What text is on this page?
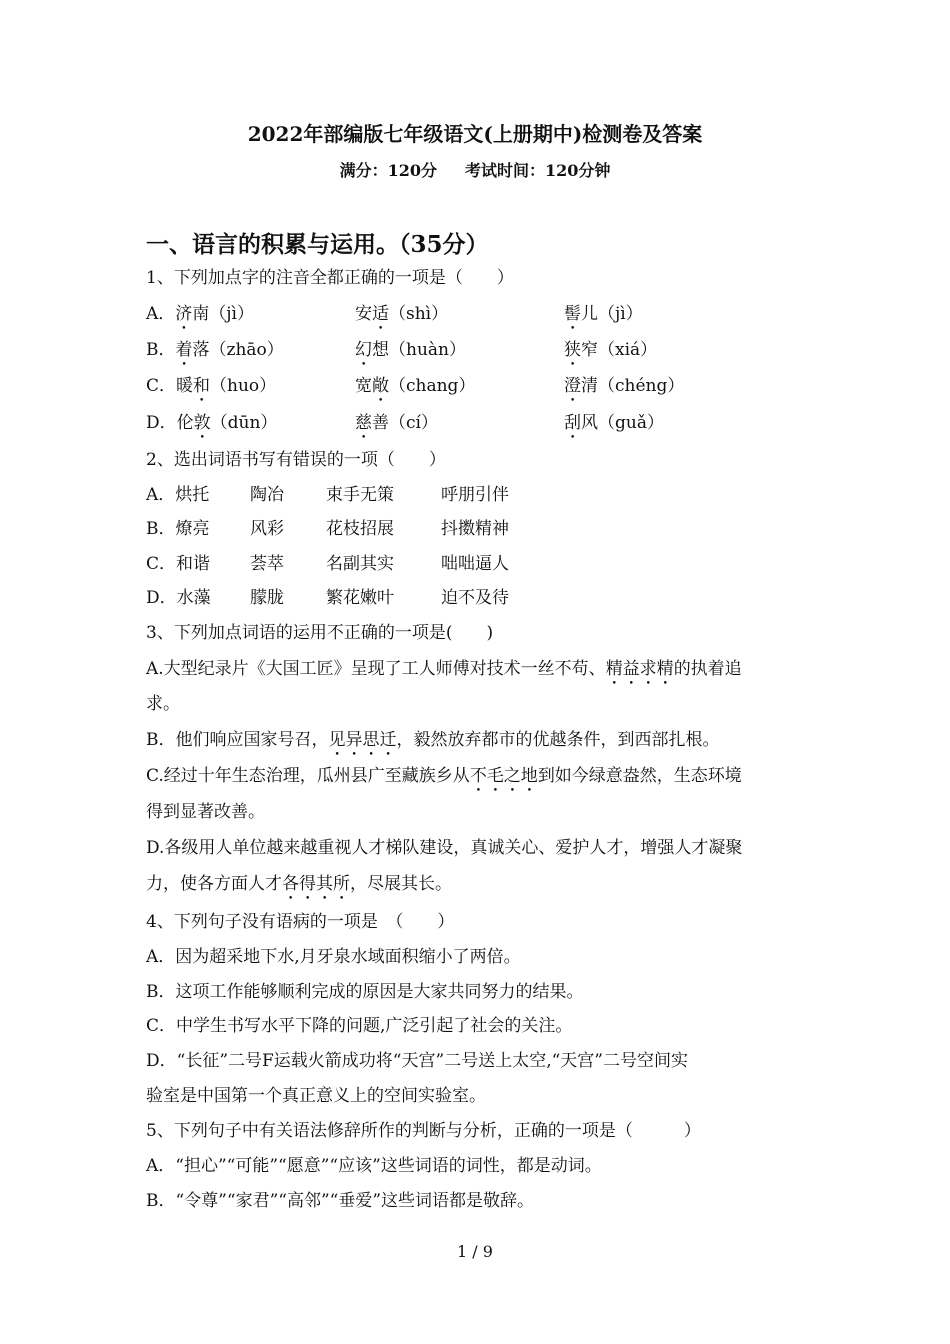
2022年部编版七年级语文(上册期中)检测卷及答案
满分：120分 考试时间：120分钟
一、语言的积累与运用。（35分）
1、下列加点字的注音全都正确的一项是（　　）
A．济南（jì）	安适（shì）	髻儿（jì）
B．着落（zhāo）	幻想（huàn）	狭窄（xiá）
C．暖和（huo）	宽敞（chang）	澄清（chéng）
D．伦敦（dūn）	慈善（cí）	刮风（guǎ）
2、选出词语书写有错误的一项（　　）
A．烘托 陶冶 束手无策	呼朋引伴
B．燎亮 风彩 花枝招展	抖擞精神
C．和谐 荟萃 名副其实	咄咄逼人
D．水藻 朦胧 繁花嫩叶	迫不及待
3、下列加点词语的运用不正确的一项是(　　)
A.大型纪录片《大国工匠》呈现了工人师傅对技术一丝不苟、精益求精的执着追
求。
B．他们响应国家号召，见异思迁，毅然放弃都市的优越条件，到西部扎根。
C.经过十年生态治理，瓜州县广至藏族乡从不毛之地到如今绿意盎然，生态环境
得到显著改善。
D.各级用人单位越来越重视人才梯队建设，真诚关心、爱护人才，增强人才凝聚
力，使各方面人才各得其所，尽展其长。
4、下列句子没有语病的一项是　（　　）
A．因为超采地下水,月牙泉水域面积缩小了两倍。
B．这项工作能够顺利完成的原因是大家共同努力的结果。
C．中学生书写水平下降的问题,广泛引起了社会的关注。
D．“长征”二号F运载火箭成功将“天宫”二号送上太空,“天宫”二号空间实
验室是中国第一个真正意义上的空间实验室。
5、下列句子中有关语法修辞所作的判断与分析，正确的一项是（　　　）
A．“担心”“可能”“愿意”“应该”这些词语的词性，都是动词。
B．“令尊”“家君”“高邻”“垂爱”这些词语都是敬辞。
1 / 9
